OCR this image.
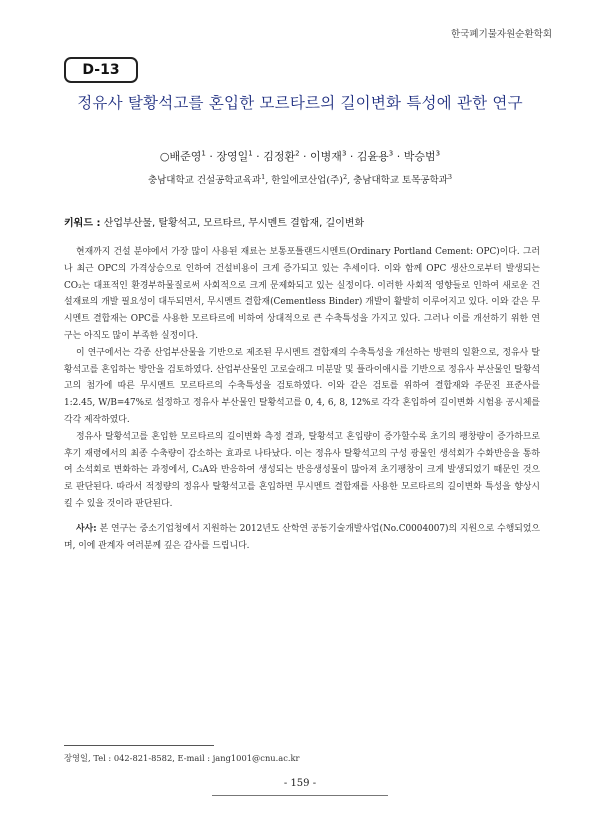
한국폐기물자원순환학회
D-13
정유사 탈황석고를 혼입한 모르타르의 길이변화 특성에 관한 연구
○배준영$^1$ · 장영일$^1$ · 김정환$^2$ · 이병재$^3$ · 김윤용$^3$ · 박승범$^3$
충남대학교 건설공학교육과$^1$, 한일에코산업(주)$^2$, 충남대학교 토목공학과$^3$
키워드 : 산업부산물, 탈황석고, 모르타르, 무시멘트 결합재, 길이변화

현재까지 건설 분야에서 가장 많이 사용된 재료는 보통포틀랜드시멘트(Ordinary Portland Cement: OPC)이다. 그러나 최근 OPC의 가격상승으로 인하여 건설비용이 크게 증가되고 있는 추세이다. 이와 함께 OPC 생산으로부터 발생되는 CO₂는 대표적인 환경부하물질로써 사회적으로 크게 문제화되고 있는 실정이다. 이러한 사회적 영향들로 인하여 새로운 건설재료의 개발 필요성이 대두되면서, 무시멘트 결합재(Cementless Binder) 개발이 활발히 이루어지고 있다. 이와 같은 무시멘트 결합재는 OPC를 사용한 모르타르에 비하여 상대적으로 큰 수축특성을 가지고 있다. 그러나 이를 개선하기 위한 연구는 아직도 많이 부족한 실정이다.

이 연구에서는 각종 산업부산물을 기반으로 제조된 무시멘트 결합재의 수축특성을 개선하는 방편의 일환으로, 정유사 탈황석고를 혼입하는 방안을 검토하였다. 산업부산물인 고로슬래그 미분말 및 플라이애시를 기반으로 정유사 부산물인 탈황석고의 첨가에 따른 무시멘트 모르타르의 수축특성을 검토하였다. 이와 같은 검토를 위하여 결합재와 주문진 표준사를 1:2.45, W/B=47%로 설정하고 정유사 부산물인 탈황석고를 0, 4, 6, 8, 12%로 각각 혼입하여 길이변화 시험용 공시체를 각각 제작하였다.

정유사 탈황석고를 혼입한 모르타르의 길이변화 측정 결과, 탈황석고 혼입량이 증가할수록 초기의 팽창량이 증가하므로 후기 재령에서의 최종 수축량이 감소하는 효과로 나타났다. 이는 정유사 탈황석고의 구성 광물인 생석회가 수화반응을 통하여 소석회로 변화하는 과정에서, C₃A와 반응하여 생성되는 반응생성물이 많아져 초기팽창이 크게 발생되었기 때문인 것으로 판단된다. 따라서 적정량의 정유사 탈황석고를 혼입하면 무시멘트 결합재를 사용한 모르타르의 길이변화 특성을 향상시킬 수 있을 것이라 판단된다.

사사: 본 연구는 중소기업청에서 지원하는 2012년도 산학연 공동기술개발사업(No.C0004007)의 지원으로 수행되었으며, 이에 관계자 여러분께 깊은 감사를 드립니다.

장영일, Tel : 042-821-8582, E-mail : jang1001@cnu.ac.kr
- 159 -
